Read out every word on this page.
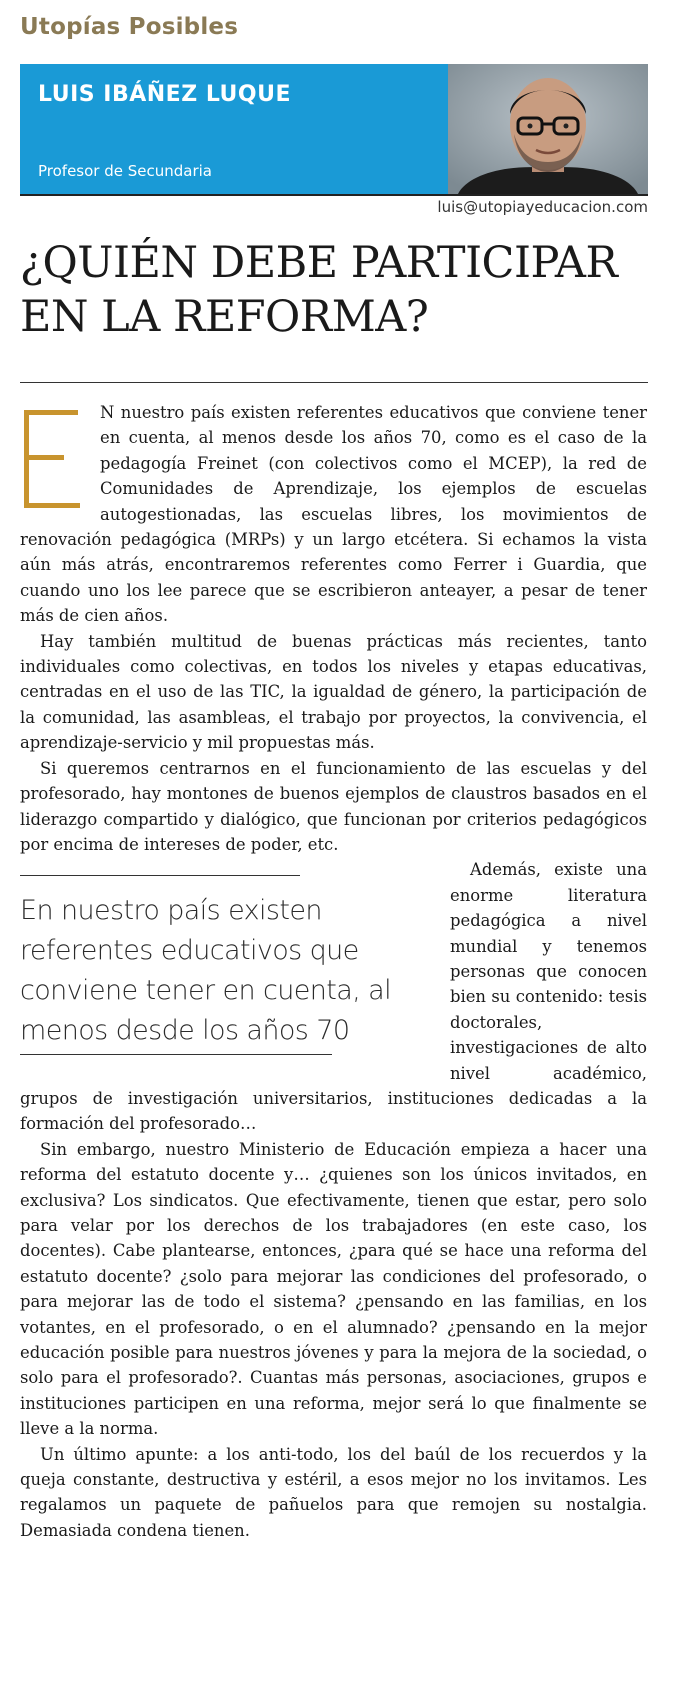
Utopías Posibles
LUIS IBÁÑEZ LUQUE
Profesor de Secundaria
luis@utopiayeducacion.com
¿QUIÉN DEBE PARTICIPAR EN LA REFORMA?

N nuestro país existen referentes educativos que conviene tener en cuenta, al menos desde los años 70, como es el caso de la pedagogía Freinet (con colectivos como el MCEP), la red de Comunidades de Aprendizaje, los ejemplos de escuelas autogestionadas, las escuelas libres, los movimientos de renovación pedagógica (MRPs) y un largo etcétera. Si echamos la vista aún más atrás, encontraremos referentes como Ferrer i Guardia, que cuando uno los lee parece que se escribieron anteayer, a pesar de tener más de cien años.

Hay también multitud de buenas prácticas más recientes, tanto individuales como colectivas, en todos los niveles y etapas educativas, centradas en el uso de las TIC, la igualdad de género, la participación de la comunidad, las asambleas, el trabajo por proyectos, la convivencia, el aprendizaje-servicio y mil propuestas más.

Si queremos centrarnos en el funcionamiento de las escuelas y del profesorado, hay montones de buenos ejemplos de claustros basados en el liderazgo compartido y dialógico, que funcionan por criterios pedagógicos por encima de intereses de poder, etc.

En nuestro país existen referentes educativos que conviene tener en cuenta, al menos desde los años 70

Además, existe una enorme literatura pedagógica a nivel mundial y tenemos personas que conocen bien su contenido: tesis doctorales, investigaciones de alto nivel académico, grupos de investigación universitarios, instituciones dedicadas a la formación del profesorado…

Sin embargo, nuestro Ministerio de Educación empieza a hacer una reforma del estatuto docente y… ¿quienes son los únicos invitados, en exclusiva? Los sindicatos. Que efectivamente, tienen que estar, pero solo para velar por los derechos de los trabajadores (en este caso, los docentes). Cabe plantearse, entonces, ¿para qué se hace una reforma del estatuto docente? ¿solo para mejorar las condiciones del profesorado, o para mejorar las de todo el sistema? ¿pensando en las familias, en los votantes, en el profesorado, o en el alumnado? ¿pensando en la mejor educación posible para nuestros jóvenes y para la mejora de la sociedad, o solo para el profesorado?. Cuantas más personas, asociaciones, grupos e instituciones participen en una reforma, mejor será lo que finalmente se lleve a la norma.

Un último apunte: a los anti-todo, los del baúl de los recuerdos y la queja constante, destructiva y estéril, a esos mejor no los invitamos. Les regalamos un paquete de pañuelos para que remojen su nostalgia. Demasiada condena tienen.
